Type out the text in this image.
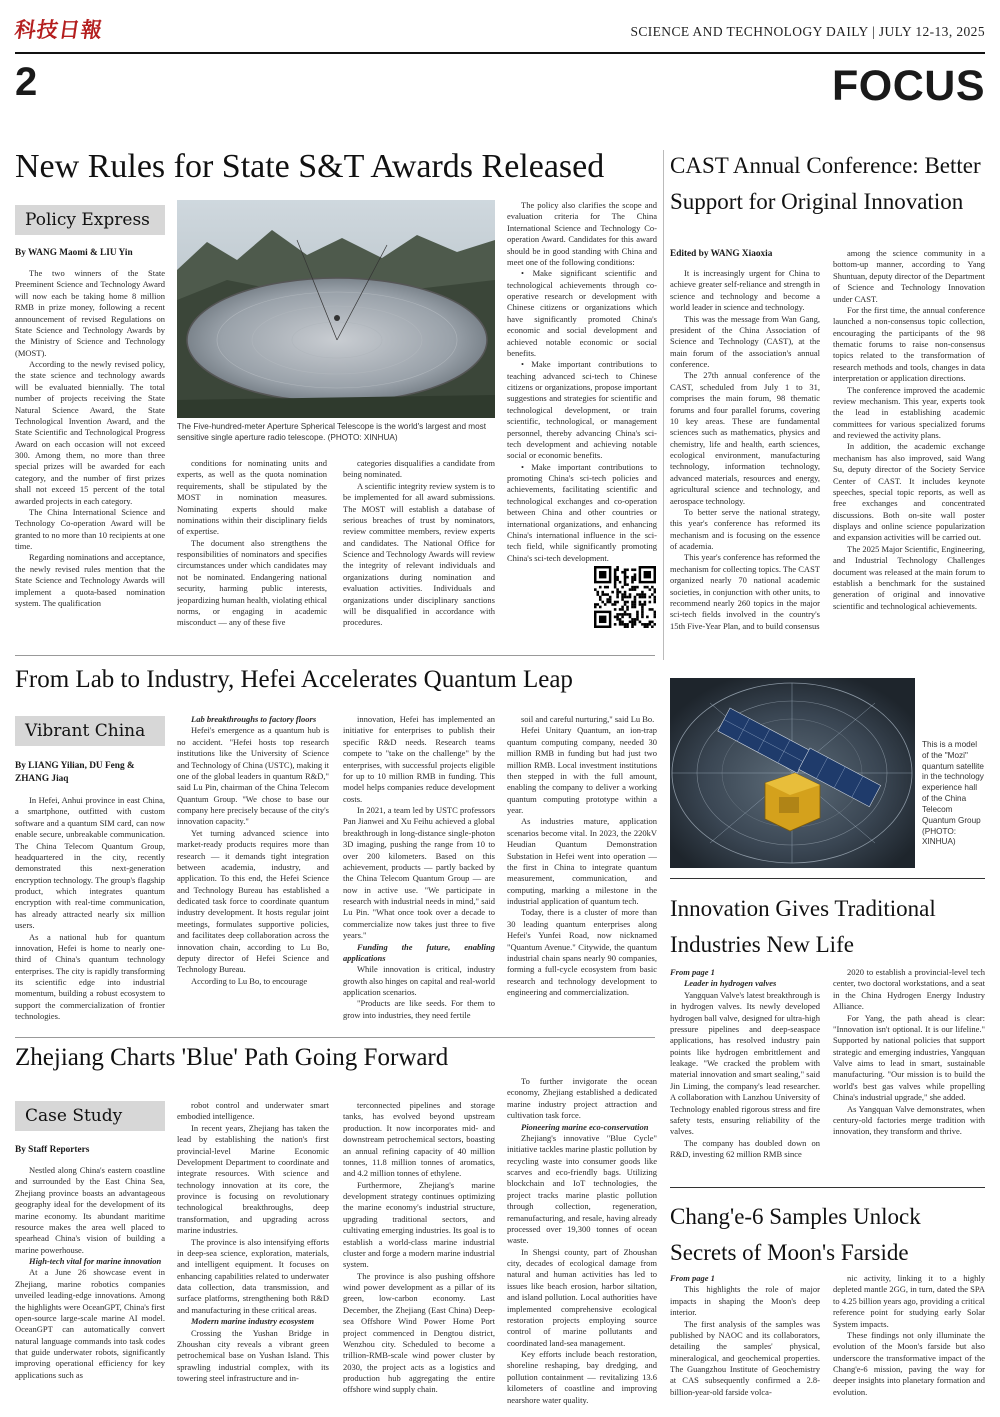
科技日報	SCIENCE AND TECHNOLOGY DAILY | JULY 12-13, 2025
2	FOCUS
New Rules for State S&T Awards Released
Policy Express
By WANG Maomi & LIU Yin

The two winners of the State Preeminent Science and Technology Award will now each be taking home 8 million RMB in prize money, following a recent announcement of revised Regulations on State Science and Technology Awards by the Ministry of Science and Technology (MOST).

According to the newly revised policy, the state science and technology awards will be evaluated biennially. The total number of projects receiving the State Natural Science Award, the State Technological Invention Award, and the State Scientific and Technological Progress Award on each occasion will not exceed 300. Among them, no more than three special prizes will be awarded for each category, and the number of first prizes shall not exceed 15 percent of the total awarded projects in each category.

The China International Science and Technology Co-operation Award will be granted to no more than 10 recipients at one time.

Regarding nominations and acceptance, the newly revised rules mention that the State Science and Technology Awards will implement a quota-based nomination system. The qualification

The Five-hundred-meter Aperture Spherical Telescope is the world's largest and most sensitive single aperture radio telescope. (PHOTO: XINHUA)

conditions for nominating units and experts, as well as the quota nomination requirements, shall be stipulated by the MOST in nomination measures. Nominating experts should make nominations within their disciplinary fields of expertise.

The document also strengthens the responsibilities of nominators and specifies circumstances under which candidates may not be nominated. Endangering national security, harming public interests, jeopardizing human health, violating ethical norms, or engaging in academic misconduct — any of these five

categories disqualifies a candidate from being nominated.

A scientific integrity review system is to be implemented for all award submissions. The MOST will establish a database of serious breaches of trust by nominators, review committee members, review experts and candidates. The National Office for Science and Technology Awards will review the integrity of relevant individuals and organizations during nomination and evaluation activities. Individuals and organizations under disciplinary sanctions will be disqualified in accordance with procedures.

The policy also clarifies the scope and evaluation criteria for The China International Science and Technology Co-operation Award. Candidates for this award should be in good standing with China and meet one of the following conditions:

• Make significant scientific and technological achievements through co-operative research or development with Chinese citizens or organizations which have significantly promoted China's economic and social development and achieved notable economic or social benefits.

• Make important contributions to teaching advanced sci-tech to Chinese citizens or organizations, propose important suggestions and strategies for scientific and technological development, or train scientific, technological, or management personnel, thereby advancing China's sci-tech development and achieving notable social or economic benefits.

• Make important contributions to promoting China's sci-tech policies and achievements, facilitating scientific and technological exchanges and co-operation between China and other countries or international organizations, and enhancing China's international influence in the sci-tech field, while significantly promoting China's sci-tech development.

CAST Annual Conference: Better Support for Original Innovation
Edited by WANG Xiaoxia

It is increasingly urgent for China to achieve greater self-reliance and strength in science and technology and become a world leader in science and technology.

This was the message from Wan Gang, president of the China Association of Science and Technology (CAST), at the main forum of the association's annual conference.

The 27th annual conference of the CAST, scheduled from July 1 to 31, comprises the main forum, 98 thematic forums and four parallel forums, covering 10 key areas. These are fundamental sciences such as mathematics, physics and chemistry, life and health, earth sciences, ecological environment, manufacturing technology, information technology, advanced materials, resources and energy, agricultural science and technology, and aerospace technology.

To better serve the national strategy, this year's conference has reformed its mechanism and is focusing on the essence of academia.

This year's conference has reformed the mechanism for collecting topics. The CAST organized nearly 70 national academic societies, in conjunction with other units, to recommend nearly 260 topics in the major sci-tech fields involved in the country's 15th Five-Year Plan, and to build consensus

among the science community in a bottom-up manner, according to Yang Shuntuan, deputy director of the Department of Science and Technology Innovation under CAST.

For the first time, the annual conference launched a non-consensus topic collection, encouraging the participants of the 98 thematic forums to raise non-consensus topics related to the transformation of research methods and tools, changes in data interpretation or application directions.

The conference improved the academic review mechanism. This year, experts took the lead in establishing academic committees for various specialized forums and reviewed the activity plans.

In addition, the academic exchange mechanism has also improved, said Wang Su, deputy director of the Society Service Center of CAST. It includes keynote speeches, special topic reports, as well as free exchanges and concentrated discussions. Both on-site wall poster displays and online science popularization and expansion activities will be carried out.

The 2025 Major Scientific, Engineering, and Industrial Technology Challenges document was released at the main forum to establish a benchmark for the sustained generation of original and innovative scientific and technological achievements.

From Lab to Industry, Hefei Accelerates Quantum Leap
Vibrant China
By LIANG Yilian, DU Feng & ZHANG Jiaq

In Hefei, Anhui province in east China, a smartphone, outfitted with custom software and a quantum SIM card, can now enable secure, unbreakable communication. The China Telecom Quantum Group, headquartered in the city, recently demonstrated this next-generation encryption technology. The group's flagship product, which integrates quantum encryption with real-time communication, has already attracted nearly six million users.

As a national hub for quantum innovation, Hefei is home to nearly one-third of China's quantum technology enterprises. The city is rapidly transforming its scientific edge into industrial momentum, building a robust ecosystem to support the commercialization of frontier technologies.

Lab breakthroughs to factory floors

Hefei's emergence as a quantum hub is no accident. "Hefei hosts top research institutions like the University of Science and Technology of China (USTC), making it one of the global leaders in quantum R&D," said Lu Pin, chairman of the China Telecom Quantum Group. "We chose to base our company here precisely because of the city's innovation capacity."

Yet turning advanced science into market-ready products requires more than research — it demands tight integration between academia, industry, and application. To this end, the Hefei Science and Technology Bureau has established a dedicated task force to coordinate quantum industry development. It hosts regular joint meetings, formulates supportive policies, and facilitates deep collaboration across the innovation chain, according to Lu Bo, deputy director of Hefei Science and Technology Bureau.

According to Lu Bo, to encourage

innovation, Hefei has implemented an initiative for enterprises to publish their specific R&D needs. Research teams compete to "take on the challenge" by the enterprises, with successful projects eligible for up to 10 million RMB in funding. This model helps companies reduce development costs.

In 2021, a team led by USTC professors Pan Jianwei and Xu Feihu achieved a global breakthrough in long-distance single-photon 3D imaging, pushing the range from 10 to over 200 kilometers. Based on this achievement, products — partly backed by the China Telecom Quantum Group — are now in active use. "We participate in research with industrial needs in mind," said Lu Pin. "What once took over a decade to commercialize now takes just three to five years."

Funding the future, enabling applications

While innovation is critical, industry growth also hinges on capital and real-world application scenarios.

"Products are like seeds. For them to grow into industries, they need fertile

soil and careful nurturing," said Lu Bo.

Hefei Unitary Quantum, an ion-trap quantum computing company, needed 30 million RMB in funding but had just two million RMB. Local investment institutions then stepped in with the full amount, enabling the company to deliver a working quantum computing prototype within a year.

As industries mature, application scenarios become vital. In 2023, the 220kV Heudian Quantum Demonstration Substation in Hefei went into operation — the first in China to integrate quantum measurement, communication, and computing, marking a milestone in the industrial application of quantum tech.

Today, there is a cluster of more than 30 leading quantum enterprises along Hefei's Yunfei Road, now nicknamed "Quantum Avenue." Citywide, the quantum industrial chain spans nearly 90 companies, forming a full-cycle ecosystem from basic research and technology development to engineering and commercialization.

This is a model of the "Mozi" quantum satellite in the technology experience hall of the China Telecom Quantum Group (PHOTO: XINHUA)
Innovation Gives Traditional Industries New Life

From page 1

Leader in hydrogen valves

Yangquan Valve's latest breakthrough is in hydrogen valves. Its newly developed hydrogen ball valve, designed for ultra-high pressure pipelines and deep-seaspace applications, has resolved industry pain points like hydrogen embrittlement and leakage. "We cracked the problem with material innovation and smart sealing," said Jin Liming, the company's lead researcher. A collaboration with Lanzhou University of Technology enabled rigorous stress and fire safety tests, ensuring reliability of the valves.

The company has doubled down on R&D, investing 62 million RMB since

2020 to establish a provincial-level tech center, two doctoral workstations, and a seat in the China Hydrogen Energy Industry Alliance.

For Yang, the path ahead is clear: "Innovation isn't optional. It is our lifeline." Supported by national policies that support strategic and emerging industries, Yangquan Valve aims to lead in smart, sustainable manufacturing. "Our mission is to build the world's best gas valves while propelling China's industrial upgrade," she added.

As Yangquan Valve demonstrates, when century-old factories merge tradition with innovation, they transform and thrive.

Zhejiang Charts 'Blue' Path Going Forward
Case Study
By Staff Reporters

Nestled along China's eastern coastline and surrounded by the East China Sea, Zhejiang province boasts an advantageous geography ideal for the development of its marine economy. Its abundant maritime resource makes the area well placed to spearhead China's vision of building a marine powerhouse.

High-tech vital for marine innovation

At a June 26 showcase event in Zhejiang, marine robotics companies unveiled leading-edge innovations. Among the highlights were OceanGPT, China's first open-source large-scale marine AI model. OceanGPT can automatically convert natural language commands into task codes that guide underwater robots, significantly improving operational efficiency for key applications such as

robot control and underwater smart embodied intelligence.

In recent years, Zhejiang has taken the lead by establishing the nation's first provincial-level Marine Economic Development Department to coordinate and integrate resources. With science and technology innovation at its core, the province is focusing on revolutionary technological breakthroughs, deep transformation, and upgrading across marine industries.

The province is also intensifying efforts in deep-sea science, exploration, materials, and intelligent equipment. It focuses on enhancing capabilities related to underwater data collection, data transmission, and surface platforms, strengthening both R&D and manufacturing in these critical areas.

Modern marine industry ecosystem

Crossing the Yushan Bridge in Zhoushan city reveals a vibrant green petrochemical base on Yushan Island. This sprawling industrial complex, with its towering steel infrastructure and in-

terconnected pipelines and storage tanks, has evolved beyond upstream production. It now incorporates mid- and downstream petrochemical sectors, boasting an annual refining capacity of 40 million tonnes, 11.8 million tonnes of aromatics, and 4.2 million tonnes of ethylene.

Furthermore, Zhejiang's marine development strategy continues optimizing the marine economy's industrial structure, upgrading traditional sectors, and cultivating emerging industries. Its goal is to establish a world-class marine industrial cluster and forge a modern marine industrial system.

The province is also pushing offshore wind power development as a pillar of its green, low-carbon economy. Last December, the Zhejiang (East China) Deep-sea Offshore Wind Power Home Port project commenced in Dengtou district, Wenzhou city. Scheduled to become a trillion-RMB-scale wind power cluster by 2030, the project acts as a logistics and production hub aggregating the entire offshore wind supply chain.

To further invigorate the ocean economy, Zhejiang established a dedicated marine industry project attraction and cultivation task force.

Pioneering marine eco-conservation

Zhejiang's innovative "Blue Cycle" initiative tackles marine plastic pollution by recycling waste into consumer goods like scarves and eco-friendly bags. Utilizing blockchain and IoT technologies, the project tracks marine plastic pollution through collection, regeneration, remanufacturing, and resale, having already processed over 19,300 tonnes of ocean waste.

In Shengsi county, part of Zhoushan city, decades of ecological damage from natural and human activities has led to issues like beach erosion, harbor siltation, and island pollution. Local authorities have implemented comprehensive ecological restoration projects employing source control of marine pollutants and coordinated land-sea management.

Key efforts include beach restoration, shoreline reshaping, bay dredging, and pollution containment — revitalizing 13.6 kilometers of coastline and improving nearshore water quality.

Chang'e-6 Samples Unlock Secrets of Moon's Farside

From page 1

This highlights the role of major impacts in shaping the Moon's deep interior.

The first analysis of the samples was published by NAOC and its collaborators, detailing the samples' physical, mineralogical, and geochemical properties. The Guangzhou Institute of Geochemistry at CAS subsequently confirmed a 2.8-billion-year-old farside volca-

nic activity, linking it to a highly depleted mantle 2GG, in turn, dated the SPA to 4.25 billion years ago, providing a critical reference point for studying early Solar System impacts.

These findings not only illuminate the evolution of the Moon's farside but also underscore the transformative impact of the Chang'e-6 mission, paving the way for deeper insights into planetary formation and evolution.
